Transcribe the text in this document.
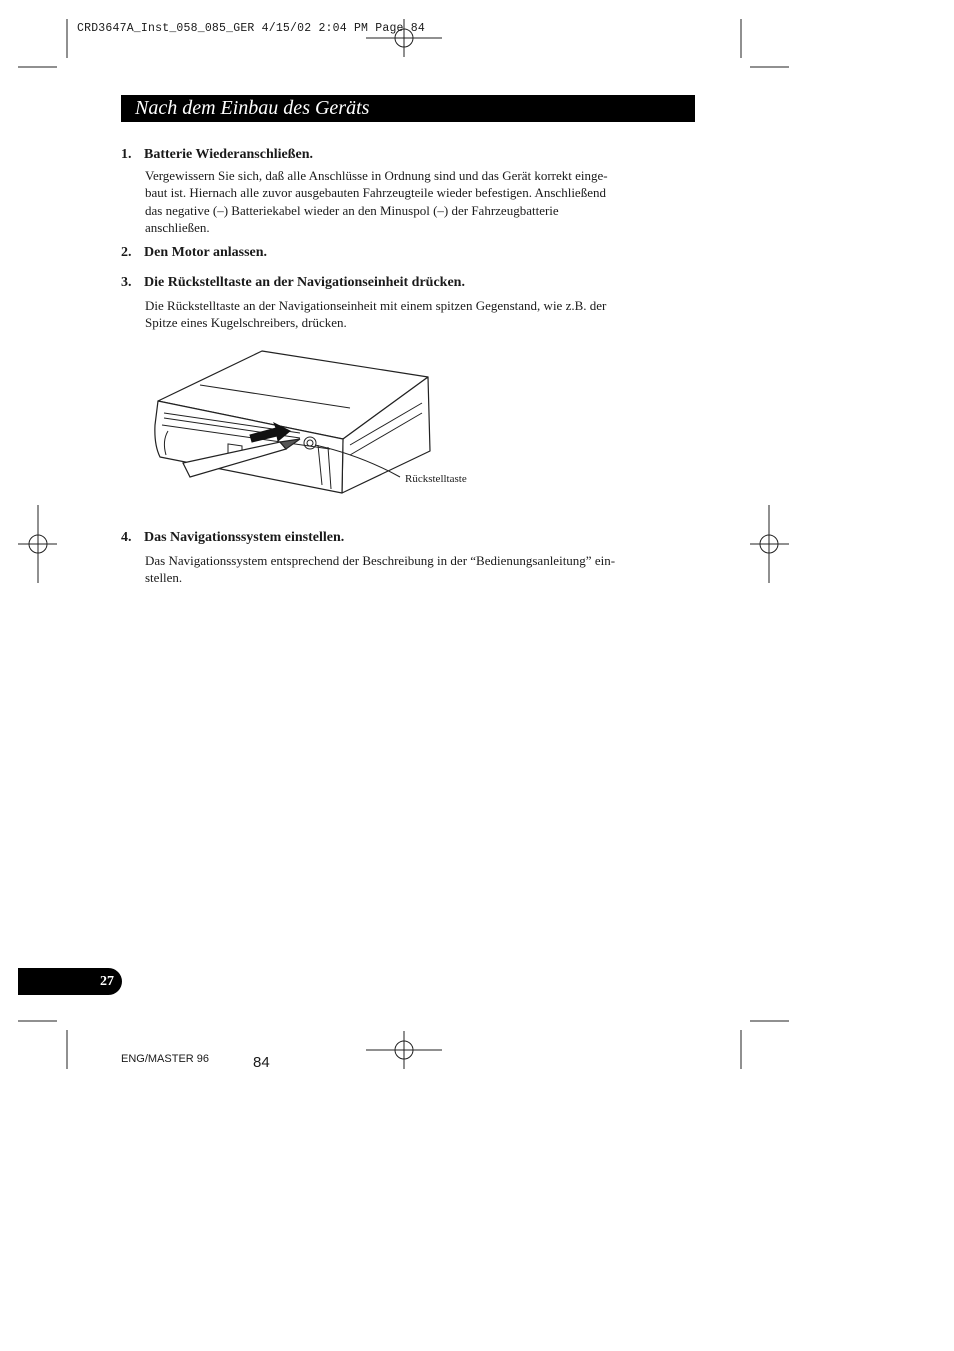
CRD3647A_Inst_058_085_GER 4/15/02 2:04 PM Page 84
Nach dem Einbau des Geräts
1. Batterie Wiederanschließen.
Vergewissern Sie sich, daß alle Anschlüsse in Ordnung sind und das Gerät korrekt einge-
baut ist. Hiernach alle zuvor ausgebauten Fahrzeugteile wieder befestigen. Anschließend
das negative (–) Batteriekabel wieder an den Minuspol (–) der Fahrzeugbatterie
anschließen.
2. Den Motor anlassen.
3. Die Rückstelltaste an der Navigationseinheit drücken.
Die Rückstelltaste an der Navigationseinheit mit einem spitzen Gegenstand, wie z.B. der
Spitze eines Kugelschreibers, drücken.
Rückstelltaste
4. Das Navigationssystem einstellen.
Das Navigationssystem entsprechend der Beschreibung in der “Bedienungsanleitung” ein-
stellen.
27
ENG/MASTER 96	84
